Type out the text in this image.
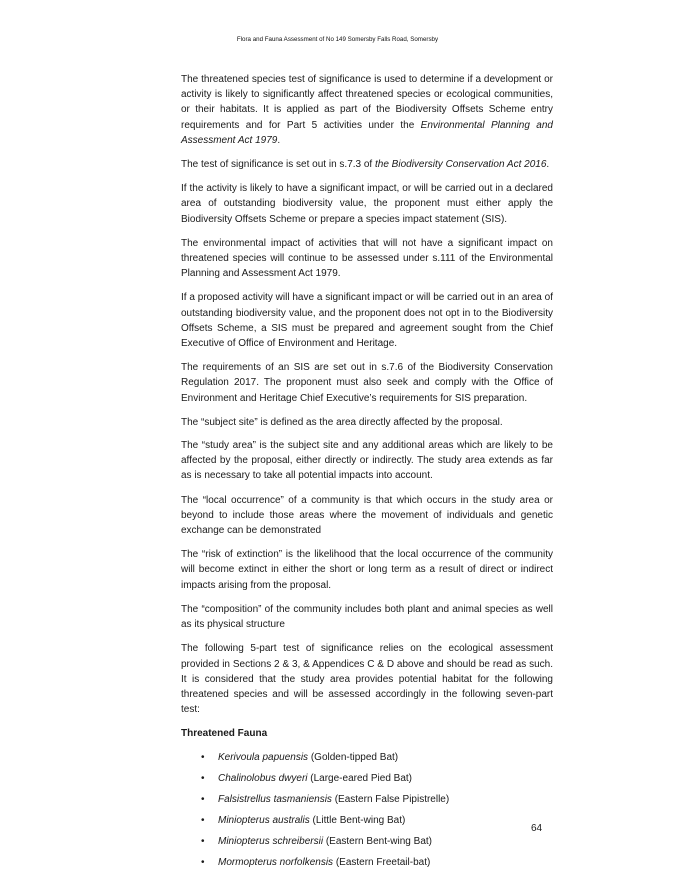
Flora and Fauna Assessment of No 149 Somersby Falls Road, Somersby

The threatened species test of significance is used to determine if a development or activity is likely to significantly affect threatened species or ecological communities, or their habitats. It is applied as part of the Biodiversity Offsets Scheme entry requirements and for Part 5 activities under the Environmental Planning and Assessment Act 1979.

The test of significance is set out in s.7.3 of the Biodiversity Conservation Act 2016.

If the activity is likely to have a significant impact, or will be carried out in a declared area of outstanding biodiversity value, the proponent must either apply the Biodiversity Offsets Scheme or prepare a species impact statement (SIS).

The environmental impact of activities that will not have a significant impact on threatened species will continue to be assessed under s.111 of the Environmental Planning and Assessment Act 1979.

If a proposed activity will have a significant impact or will be carried out in an area of outstanding biodiversity value, and the proponent does not opt in to the Biodiversity Offsets Scheme, a SIS must be prepared and agreement sought from the Chief Executive of Office of Environment and Heritage.

The requirements of an SIS are set out in s.7.6 of the Biodiversity Conservation Regulation 2017. The proponent must also seek and comply with the Office of Environment and Heritage Chief Executive’s requirements for SIS preparation.

The “subject site” is defined as the area directly affected by the proposal.

The “study area” is the subject site and any additional areas which are likely to be affected by the proposal, either directly or indirectly. The study area extends as far as is necessary to take all potential impacts into account.

The “local occurrence” of a community is that which occurs in the study area or beyond to include those areas where the movement of individuals and genetic exchange can be demonstrated

The “risk of extinction” is the likelihood that the local occurrence of the community will become extinct in either the short or long term as a result of direct or indirect impacts arising from the proposal.

The “composition” of the community includes both plant and animal species as well as its physical structure

The following 5-part test of significance relies on the ecological assessment provided in Sections 2 & 3, & Appendices C & D above and should be read as such. It is considered that the study area provides potential habitat for the following threatened species and will be assessed accordingly in the following seven-part test:

Threatened Fauna
• Kerivoula papuensis (Golden-tipped Bat)
• Chalinolobus dwyeri (Large-eared Pied Bat)
• Falsistrellus tasmaniensis (Eastern False Pipistrelle)
• Miniopterus australis (Little Bent-wing Bat)
• Miniopterus schreibersii (Eastern Bent-wing Bat)
• Mormopterus norfolkensis (Eastern Freetail-bat)
64
